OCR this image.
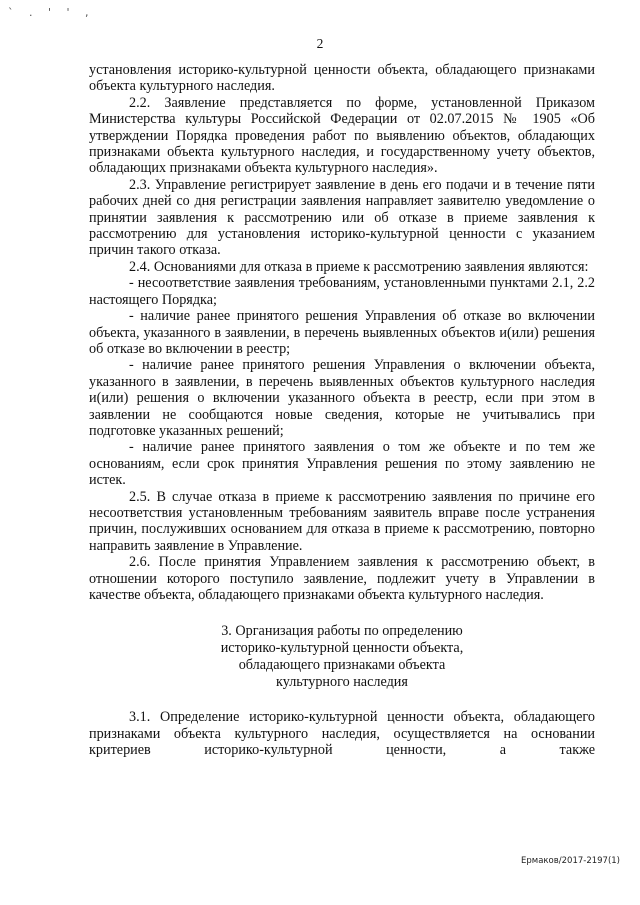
` . ' ' ,
2

установления историко-культурной ценности объекта, обладающего признаками объекта культурного наследия.

2.2. Заявление представляется по форме, установленной Приказом Министерства культуры Российской Федерации от 02.07.2015 № 1905 «Об утверждении Порядка проведения работ по выявлению объектов, обладающих признаками объекта культурного наследия, и государственному учету объектов, обладающих признаками объекта культурного наследия».

2.3. Управление регистрирует заявление в день его подачи и в течение пяти рабочих дней со дня регистрации заявления направляет заявителю уведомление о принятии заявления к рассмотрению или об отказе в приеме заявления к рассмотрению для установления историко-культурной ценности с указанием причин такого отказа.

2.4. Основаниями для отказа в приеме к рассмотрению заявления являются:

- несоответствие заявления требованиям, установленными пунктами 2.1, 2.2 настоящего Порядка;

- наличие ранее принятого решения Управления об отказе во включении объекта, указанного в заявлении, в перечень выявленных объектов и(или) решения об отказе во включении в реестр;

- наличие ранее принятого решения Управления о включении объекта, указанного в заявлении, в перечень выявленных объектов культурного наследия и(или) решения о включении указанного объекта в реестр, если при этом в заявлении не сообщаются новые сведения, которые не учитывались при подготовке указанных решений;

- наличие ранее принятого заявления о том же объекте и по тем же основаниям, если срок принятия Управления решения по этому заявлению не истек.

2.5. В случае отказа в приеме к рассмотрению заявления по причине его несоответствия установленным требованиям заявитель вправе после устранения причин, послуживших основанием для отказа в приеме к рассмотрению, повторно направить заявление в Управление.

2.6. После принятия Управлением заявления к рассмотрению объект, в отношении которого поступило заявление, подлежит учету в Управлении в качестве объекта, обладающего признаками объекта культурного наследия.

3. Организация работы по определению

историко-культурной ценности объекта,

обладающего признаками объекта

культурного наследия

3.1. Определение историко-культурной ценности объекта, обладающего признаками объекта культурного наследия, осуществляется на основании критериев историко-культурной ценности, а также

Ермаков/2017-2197(1)
